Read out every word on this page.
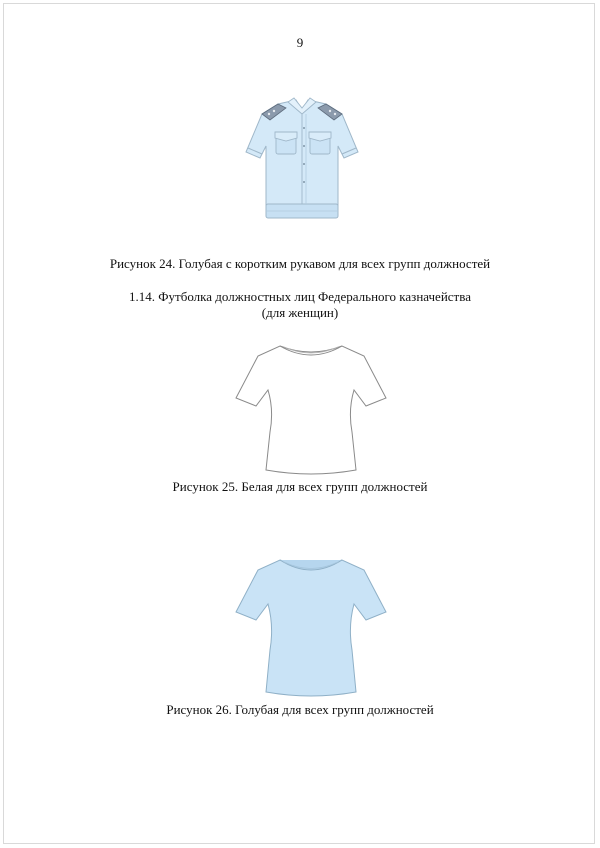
9
Рисунок 24. Голубая с коротким рукавом для всех групп должностей
1.14. Футболка должностных лиц Федерального казначейства
(для женщин)
Рисунок 25. Белая для всех групп должностей
Рисунок 26. Голубая для всех групп должностей
